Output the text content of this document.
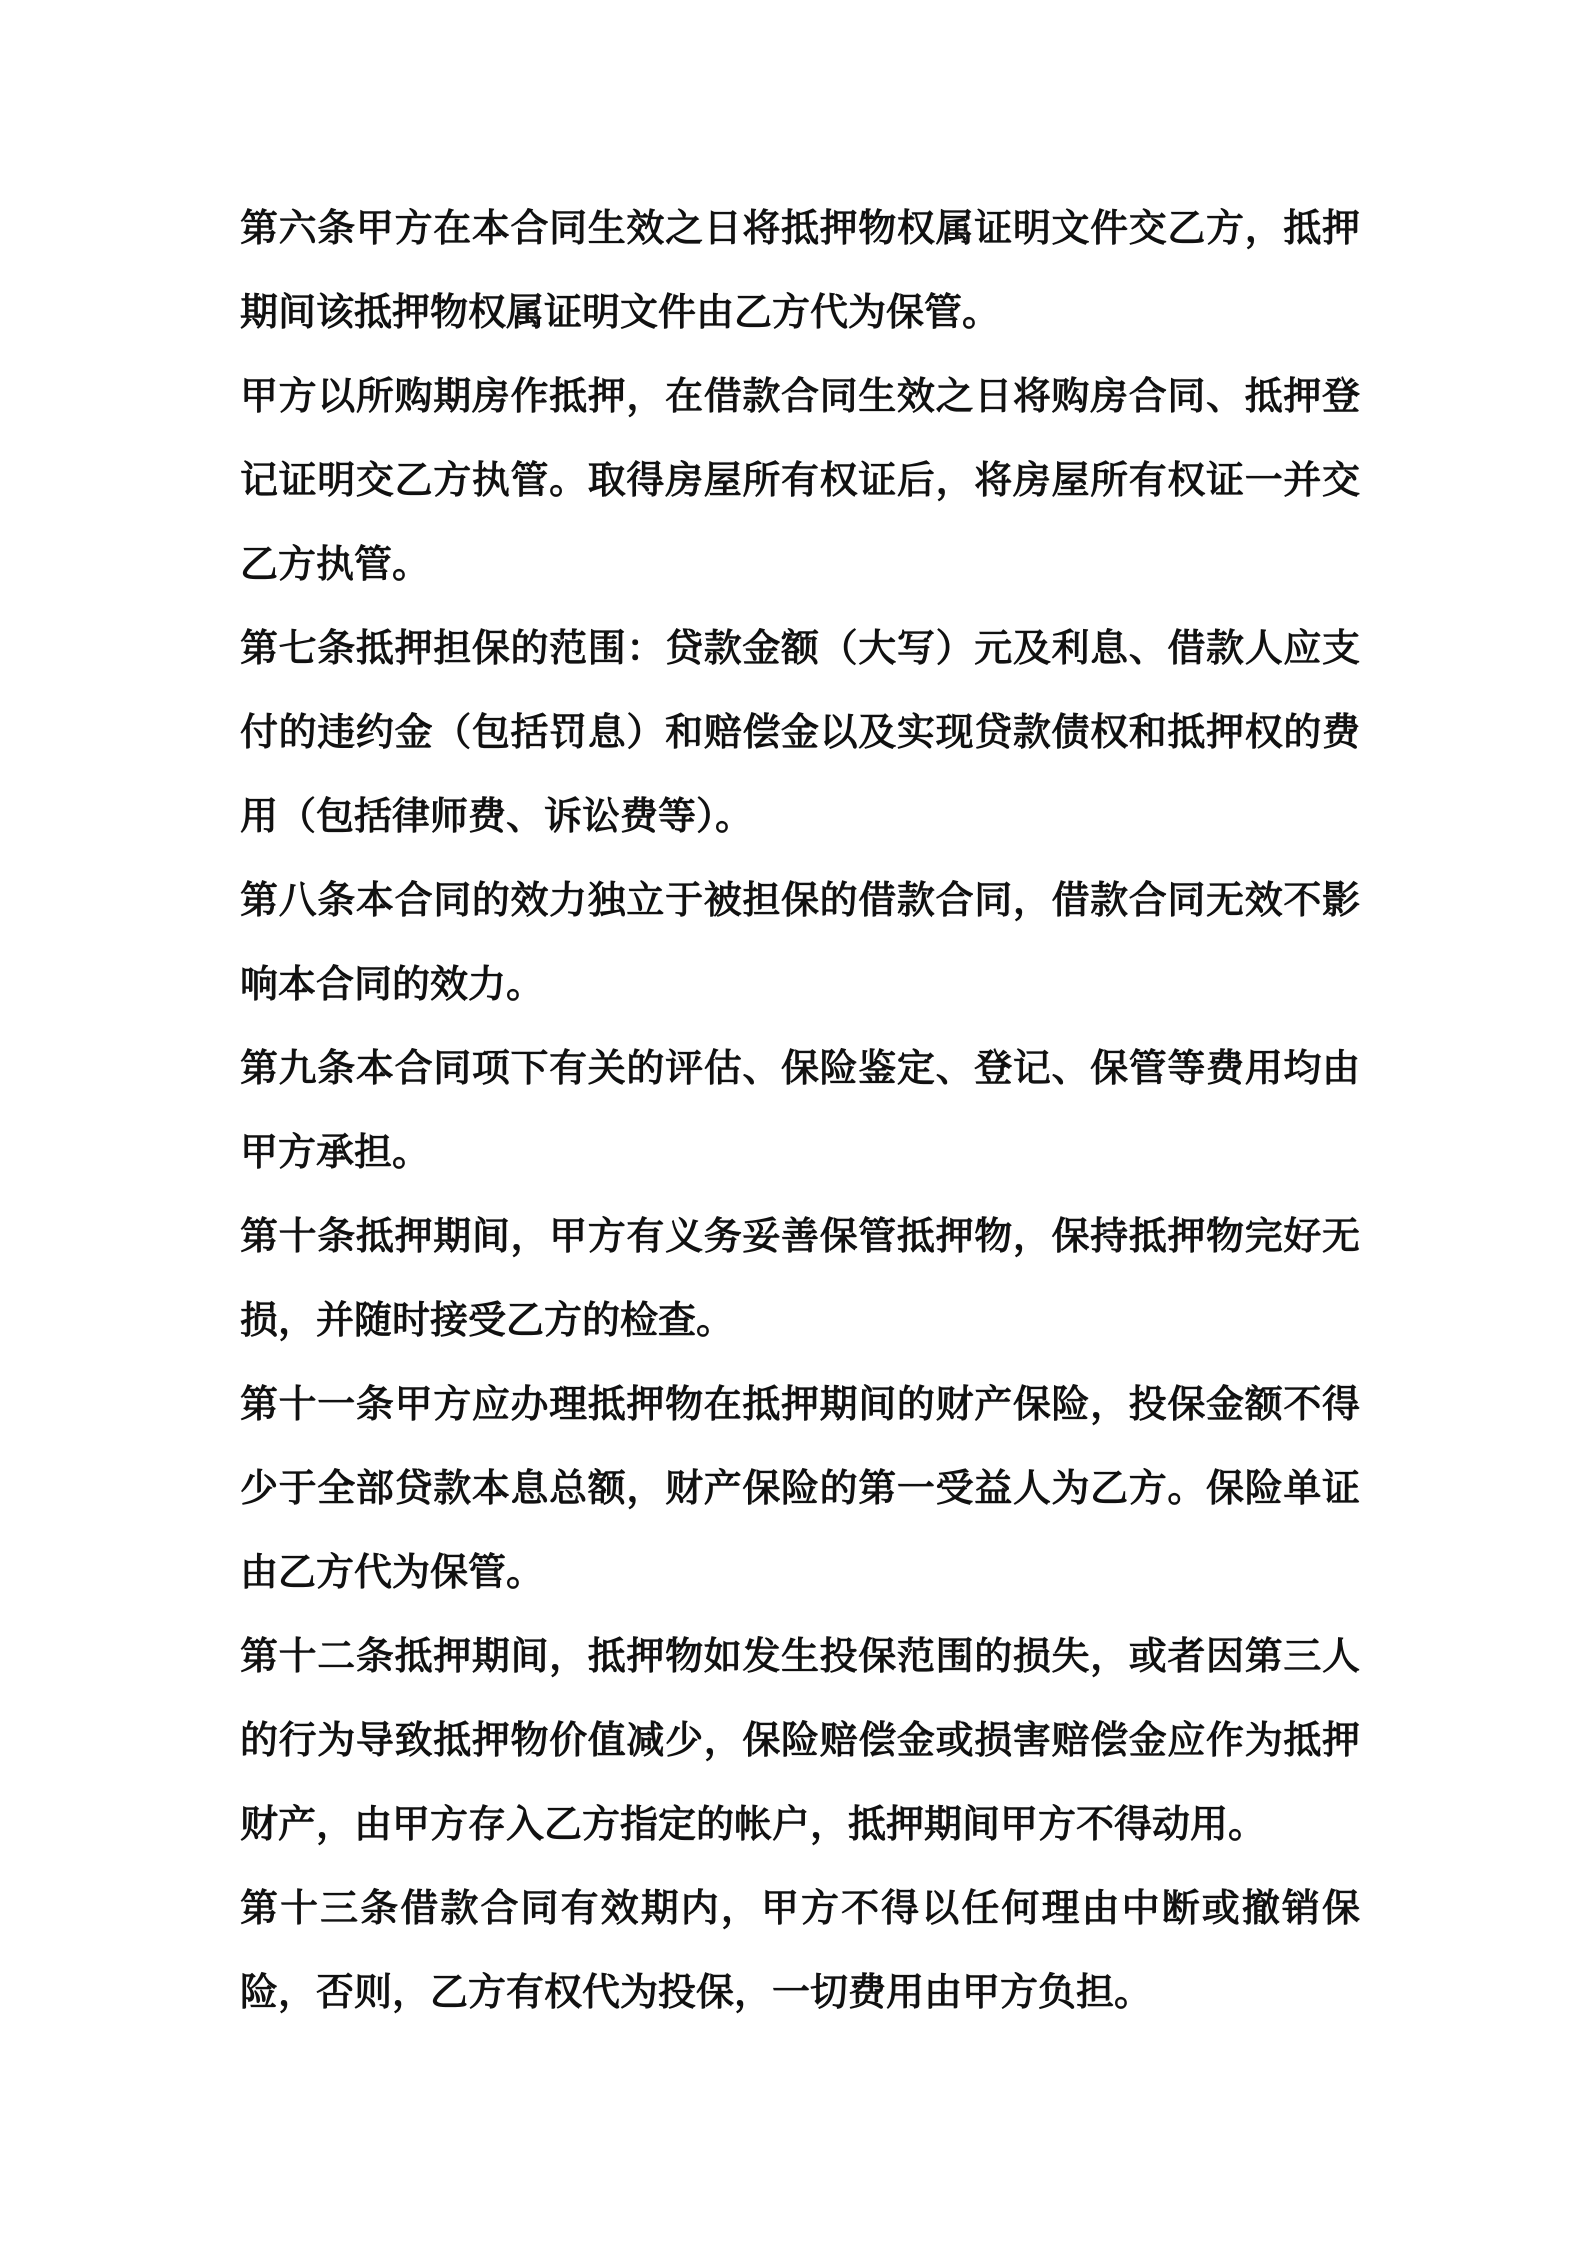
第六条甲方在本合同生效之日将抵押物权属证明文件交乙方，抵押期间该抵押物权属证明文件由乙方代为保管。

甲方以所购期房作抵押，在借款合同生效之日将购房合同、抵押登记证明交乙方执管。取得房屋所有权证后，将房屋所有权证一并交乙方执管。

第七条抵押担保的范围：贷款金额（大写）元及利息、借款人应支付的违约金（包括罚息）和赔偿金以及实现贷款债权和抵押权的费用（包括律师费、诉讼费等）。

第八条本合同的效力独立于被担保的借款合同，借款合同无效不影响本合同的效力。

第九条本合同项下有关的评估、保险鉴定、登记、保管等费用均由甲方承担。

第十条抵押期间，甲方有义务妥善保管抵押物，保持抵押物完好无损，并随时接受乙方的检查。

第十一条甲方应办理抵押物在抵押期间的财产保险，投保金额不得少于全部贷款本息总额，财产保险的第一受益人为乙方。保险单证由乙方代为保管。

第十二条抵押期间，抵押物如发生投保范围的损失，或者因第三人的行为导致抵押物价值减少，保险赔偿金或损害赔偿金应作为抵押财产，由甲方存入乙方指定的帐户，抵押期间甲方不得动用。

第十三条借款合同有效期内，甲方不得以任何理由中断或撤销保险，否则，乙方有权代为投保，一切费用由甲方负担。
